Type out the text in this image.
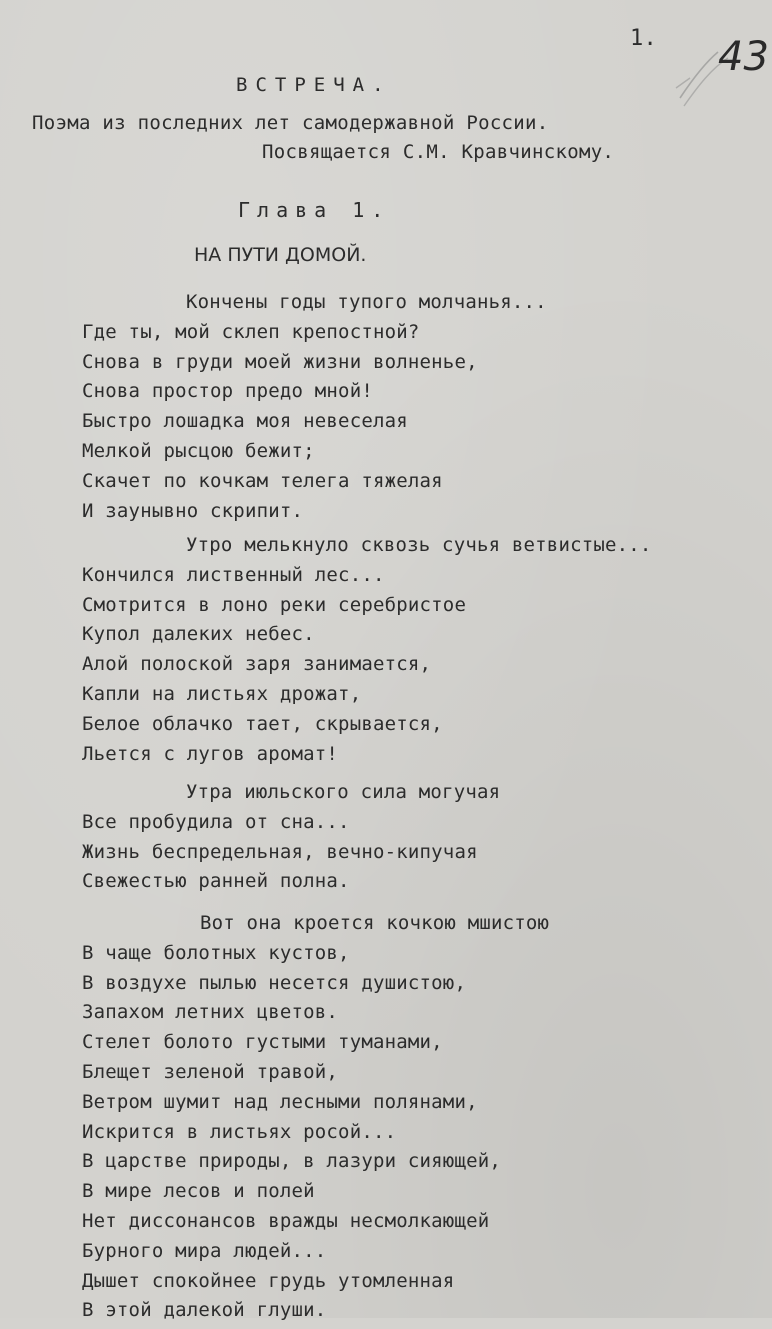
1. 43
ВСТРЕЧА.
Поэма из последних лет самодержавной России.
Посвящается С.М. Кравчинскому.
Глава 1.
НА ПУТИ ДОМОЙ.
Кончены годы тупого молчанья...
Где ты, мой склеп крепостной?
Снова в груди моей жизни волненье,
Снова простор предо мной!
Быстро лошадка моя невеселая
Мелкой рысцою бежит;
Скачет по кочкам телега тяжелая
И заунывно скрипит.
Утро мелькнуло сквозь сучья ветвистые...
Кончился лиственный лес...
Смотрится в лоно реки серебристое
Купол далеких небес.
Алой полоской заря занимается,
Капли на листьях дрожат,
Белое облачко тает, скрывается,
Льется с лугов аромат!
Утра июльского сила могучая
Все пробудила от сна...
Жизнь беспредельная, вечно-кипучая
Свежестью ранней полна.
Вот она кроется кочкою мшистою
В чаще болотных кустов,
В воздухе пылью несется душистою,
Запахом летних цветов.
Стелет болото густыми туманами,
Блещет зеленой травой,
Ветром шумит над лесными полянами,
Искрится в листьях росой...
В царстве природы, в лазури сияющей,
В мире лесов и полей
Нет диссонансов вражды несмолкающей
Бурного мира людей...
Дышет спокойнее грудь утомленная
В этой далекой глуши.
